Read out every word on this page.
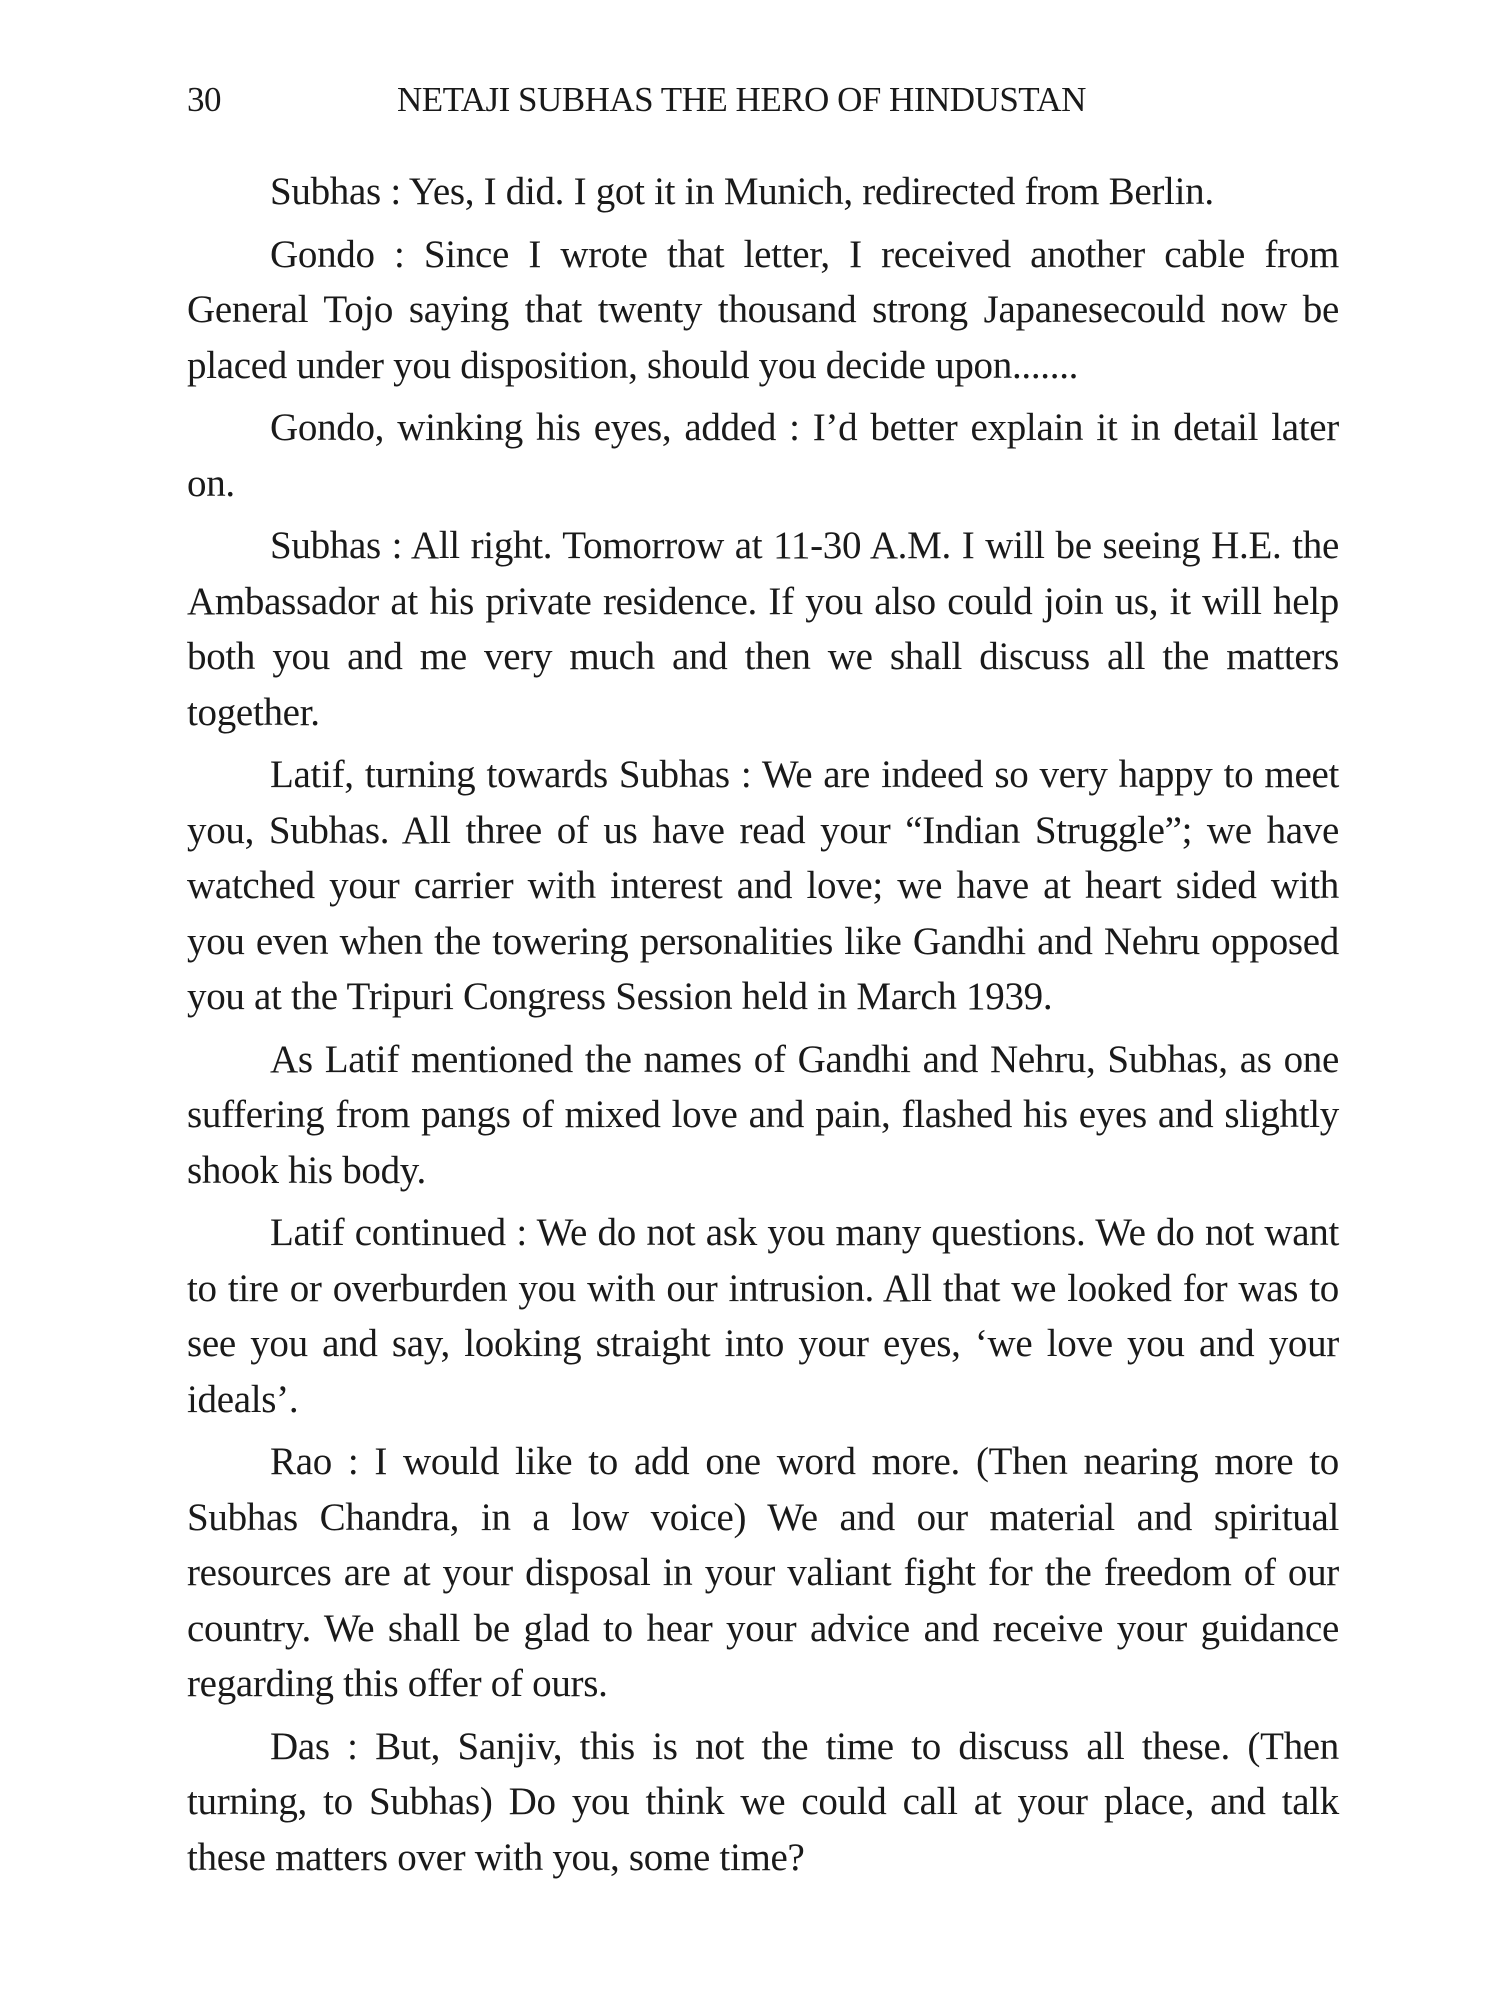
30	NETAJI SUBHAS THE HERO OF HINDUSTAN

Subhas : Yes, I did. I got it in Munich, redirected from Berlin.

Gondo : Since I wrote that letter, I received another cable from General Tojo saying that twenty thousand strong Japanesecould now be placed under you disposition, should you decide upon.......

Gondo, winking his eyes, added : I’d better explain it in detail later on.

Subhas : All right. Tomorrow at 11-30 A.M. I will be seeing H.E. the Ambassador at his private residence. If you also could join us, it will help both you and me very much and then we shall discuss all the matters together.

Latif, turning towards Subhas : We are indeed so very happy to meet you, Subhas. All three of us have read your “Indian Struggle”; we have watched your carrier with interest and love; we have at heart sided with you even when the towering personalities like Gandhi and Nehru opposed you at the Tripuri Congress Session held in March 1939.

As Latif mentioned the names of Gandhi and Nehru, Subhas, as one suffering from pangs of mixed love and pain, flashed his eyes and slightly shook his body.

Latif continued : We do not ask you many questions. We do not want to tire or overburden you with our intrusion. All that we looked for was to see you and say, looking straight into your eyes, ‘we love you and your ideals’.

Rao : I would like to add one word more. (Then nearing more to Subhas Chandra, in a low voice) We and our material and spiritual resources are at your disposal in your valiant fight for the freedom of our country. We shall be glad to hear your advice and receive your guidance regarding this offer of ours.

Das : But, Sanjiv, this is not the time to discuss all these. (Then turning, to Subhas) Do you think we could call at your place, and talk these matters over with you, some time?
